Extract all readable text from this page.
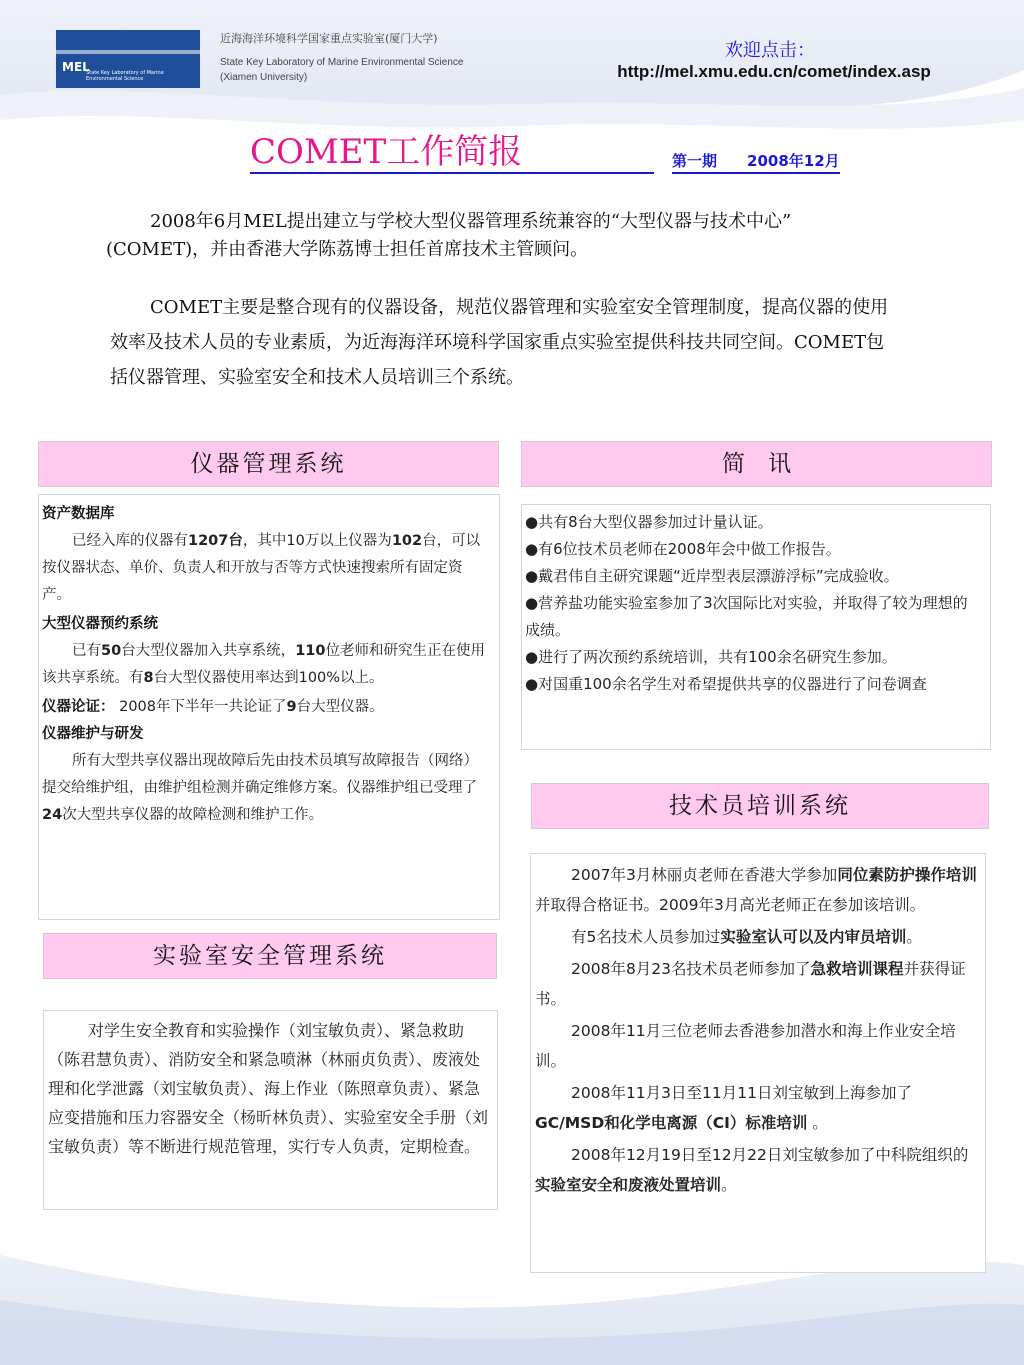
MEL
State Key Laboratory of Marine Environmental Science
近海海洋环境科学国家重点实验室(厦门大学)
State Key Laboratory of Marine Environmental Science
(Xiamen University)
欢迎点击：
http://mel.xmu.edu.cn/comet/index.asp
COMET工作简报	第一期 2008年12月
2008年6月MEL提出建立与学校大型仪器管理系统兼容的“大型仪器与技术中心” (COMET)，并由香港大学陈荔博士担任首席技术主管顾问。
COMET主要是整合现有的仪器设备，规范仪器管理和实验室安全管理制度，提高仪器的使用效率及技术人员的专业素质，为近海海洋环境科学国家重点实验室提供科技共同空间。COMET包括仪器管理、实验室安全和技术人员培训三个系统。
仪器管理系统

资产数据库

已经入库的仪器有1207台，其中10万以上仪器为102台，可以按仪器状态、单价、负责人和开放与否等方式快速搜索所有固定资产。

大型仪器预约系统

已有50台大型仪器加入共享系统，110位老师和研究生正在使用该共享系统。有8台大型仪器使用率达到100%以上。

仪器论证： 2008年下半年一共论证了9台大型仪器。

仪器维护与研发

所有大型共享仪器出现故障后先由技术员填写故障报告（网络）提交给维护组，由维护组检测并确定维修方案。仪器维护组已受理了24次大型共享仪器的故障检测和维护工作。

实验室安全管理系统

对学生安全教育和实验操作（刘宝敏负责）、紧急救助（陈君慧负责）、消防安全和紧急喷淋（林丽贞负责）、废液处理和化学泄露（刘宝敏负责）、海上作业（陈照章负责）、紧急应变措施和压力容器安全（杨昕林负责）、实验室安全手册（刘宝敏负责）等不断进行规范管理，实行专人负责，定期检查。

简　讯

●共有8台大型仪器参加过计量认证。

●有6位技术员老师在2008年会中做工作报告。

●戴君伟自主研究课题“近岸型表层漂游浮标”完成验收。

●营养盐功能实验室参加了3次国际比对实验，并取得了较为理想的成绩。

●进行了两次预约系统培训，共有100余名研究生参加。

●对国重100余名学生对希望提供共享的仪器进行了问卷调查

技术员培训系统

2007年3月林丽贞老师在香港大学参加同位素防护操作培训并取得合格证书。2009年3月高光老师正在参加该培训。

有5名技术人员参加过实验室认可以及内审员培训。

2008年8月23名技术员老师参加了急救培训课程并获得证书。

2008年11月三位老师去香港参加潜水和海上作业安全培训。

2008年11月3日至11月11日刘宝敏到上海参加了GC/MSD和化学电离源（CI）标准培训 。

2008年12月19日至12月22日刘宝敏参加了中科院组织的实验室安全和废液处置培训。
